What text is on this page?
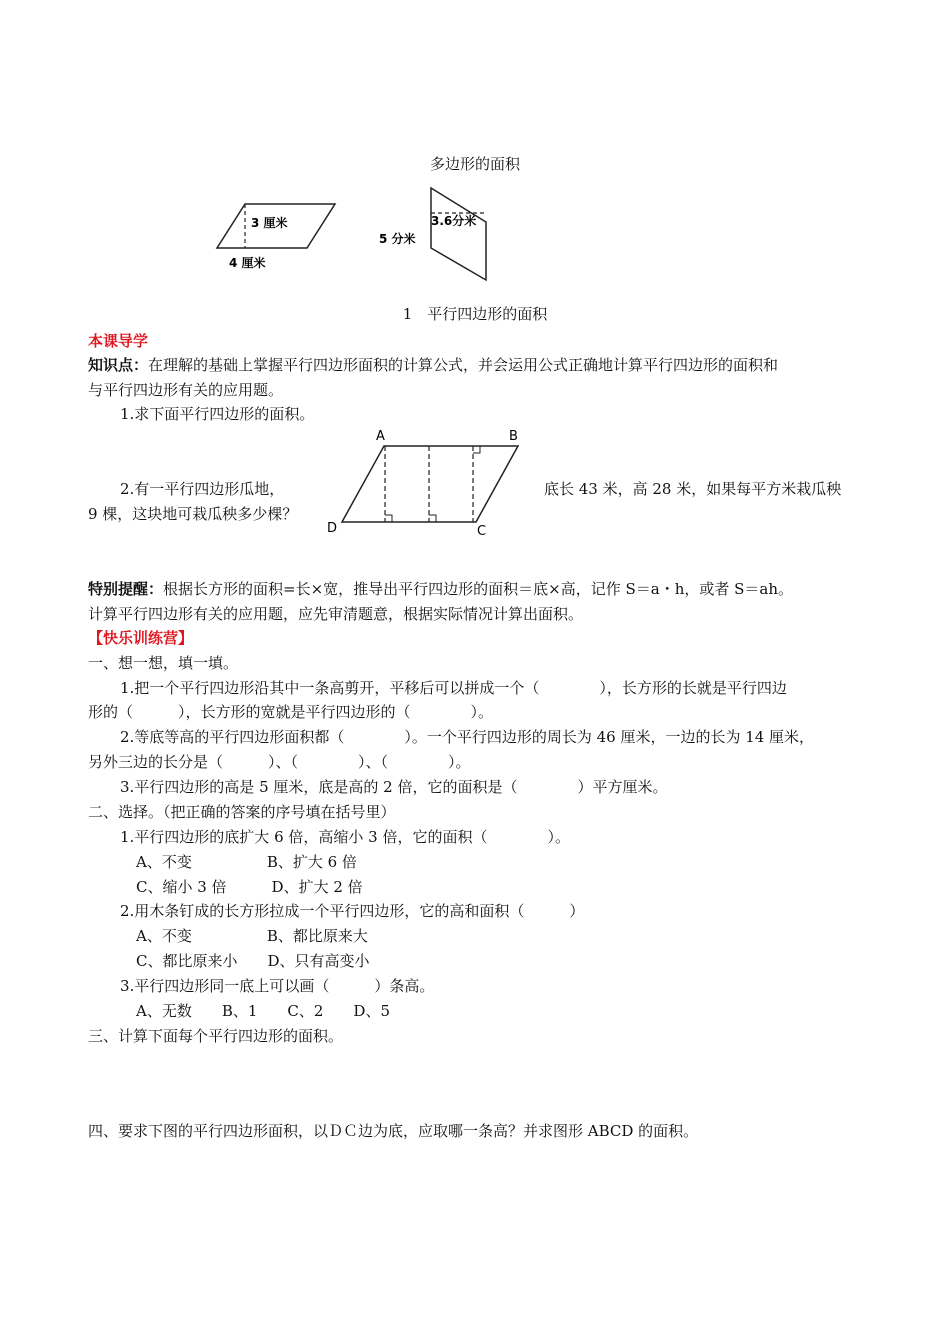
多边形的面积
3 厘米
4 厘米
3.6分米
5 分米
1　平行四边形的面积
本课导学
知识点：在理解的基础上掌握平行四边形面积的计算公式，并会运用公式正确地计算平行四边形的面积和
与平行四边形有关的应用题。
1.求下面平行四边形的面积。
A	B
C
D
2.有一平行四边形瓜地，	底长 43 米，高 28 米，如果每平方米栽瓜秧
9 棵，这块地可栽瓜秧多少棵？
特别提醒：根据长方形的面积=长×宽，推导出平行四边形的面积＝底×高，记作 S＝a・h，或者 S＝ah。
计算平行四边形有关的应用题，应先审清题意，根据实际情况计算出面积。
【快乐训练营】
一、想一想，填一填。
1.把一个平行四边形沿其中一条高剪开，平移后可以拼成一个（　　　　），长方形的长就是平行四边
形的（　　　），长方形的宽就是平行四边形的（　　　　）。
2.等底等高的平行四边形面积都（　　　　）。一个平行四边形的周长为 46 厘米，一边的长为 14 厘米，
另外三边的长分是（　　　）、（　　　　）、（　　　　）。
3.平行四边形的高是 5 厘米，底是高的 2 倍，它的面积是（　　　　）平方厘米。
二、选择。（把正确的答案的序号填在括号里）
1.平行四边形的底扩大 6 倍，高缩小 3 倍，它的面积（　　　　）。
A、不变　　　　　B、扩大 6 倍
C、缩小 3 倍　　　D、扩大 2 倍
2.用木条钉成的长方形拉成一个平行四边形，它的高和面积（　　　）
A、不变　　　　　B、都比原来大
C、都比原来小　　D、只有高变小
3.平行四边形同一底上可以画（　　　）条高。
A、无数　　B、1　　C、2　　D、5
三、计算下面每个平行四边形的面积。
四、要求下图的平行四边形面积，以ＤＣ边为底，应取哪一条高？并求图形 ABCD 的面积。
